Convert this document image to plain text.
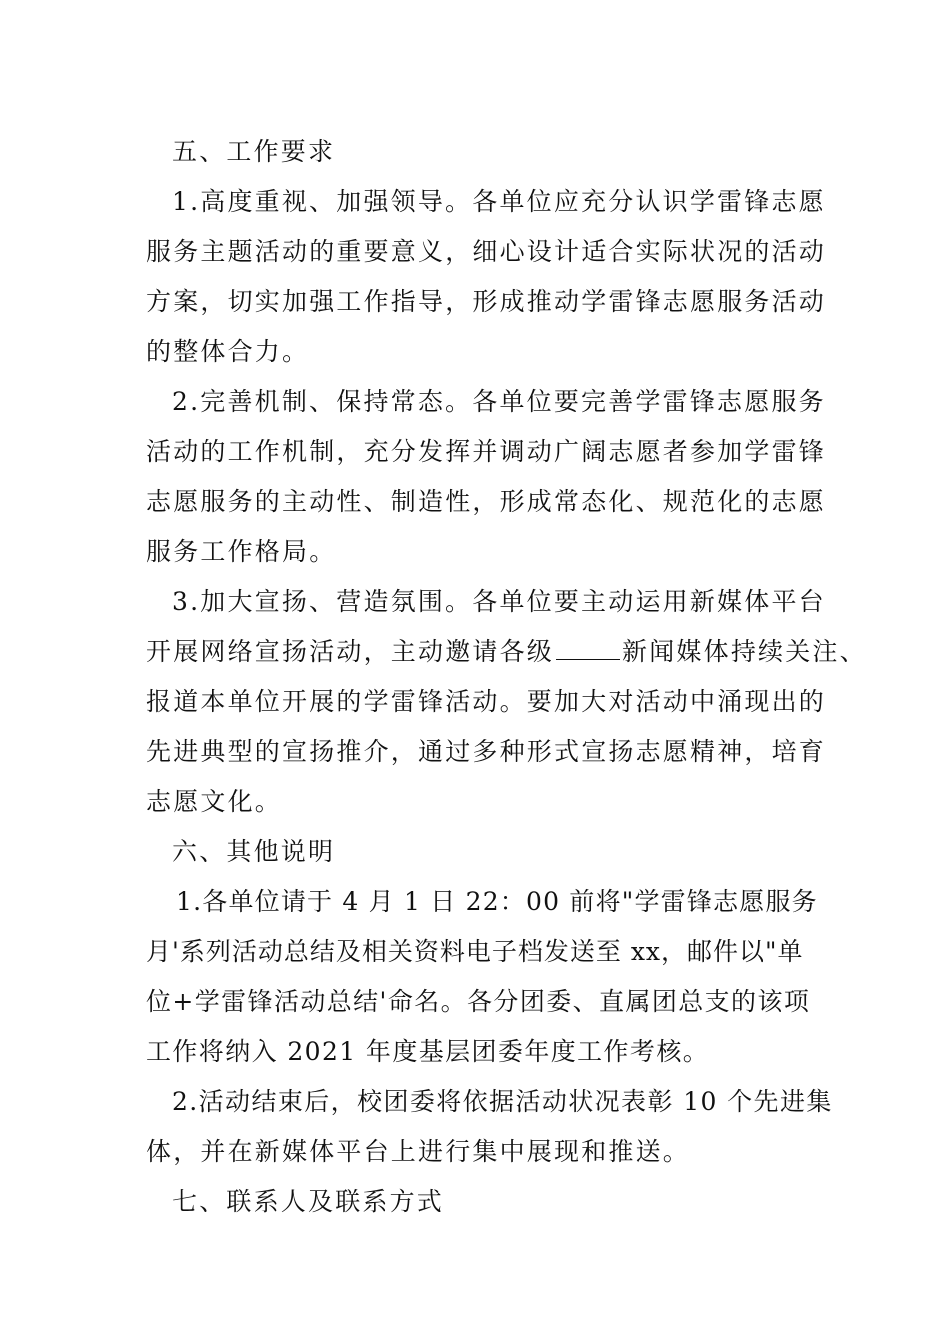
五、工作要求
1.高度重视、加强领导。各单位应充分认识学雷锋志愿
服务主题活动的重要意义，细心设计适合实际状况的活动
方案，切实加强工作指导，形成推动学雷锋志愿服务活动
的整体合力。
2.完善机制、保持常态。各单位要完善学雷锋志愿服务
活动的工作机制，充分发挥并调动广阔志愿者参加学雷锋
志愿服务的主动性、制造性，形成常态化、规范化的志愿
服务工作格局。
3.加大宣扬、营造氛围。各单位要主动运用新媒体平台
开展网络宣扬活动，主动邀请各级	新闻媒体持续关注、
报道本单位开展的学雷锋活动。要加大对活动中涌现出的
先进典型的宣扬推介，通过多种形式宣扬志愿精神，培育
志愿文化。
六、其他说明
1.各单位请于 4 月 1 日 22：00 前将"学雷锋志愿服务
月'系列活动总结及相关资料电子档发送至 xx，邮件以"单
位+学雷锋活动总结'命名。各分团委、直属团总支的该项
工作将纳入 2021 年度基层团委年度工作考核。
2.活动结束后，校团委将依据活动状况表彰 10 个先进集
体，并在新媒体平台上进行集中展现和推送。
七、联系人及联系方式
